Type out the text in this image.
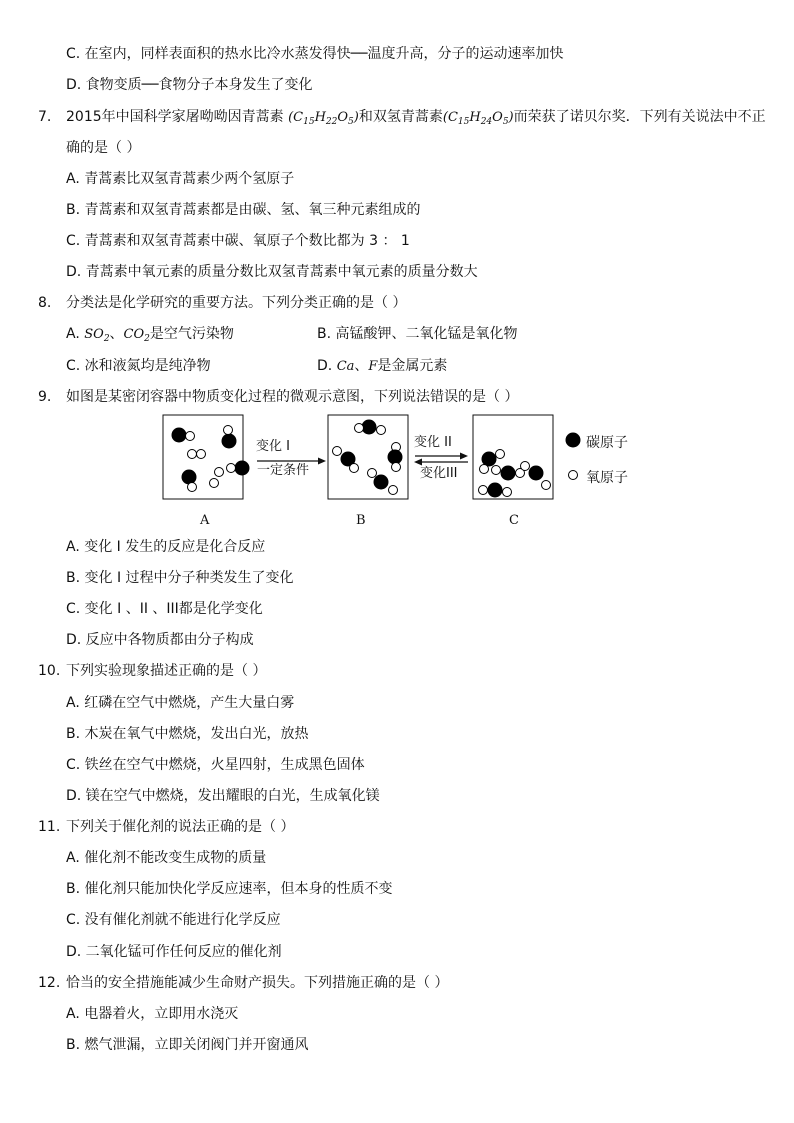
C. 在室内，同样表面积的热水比冷水蒸发得快──温度升高，分子的运动速率加快
D. 食物变质──食物分子本身发生了变化
7. 2015年中国科学家屠呦呦因青蒿素 $(C_{15}H_{22}O_5)$和双氢青蒿素$(C_{15}H_{24}O_5)$而荣获了诺贝尔奖．下列有关说法中不正
确的是（ ）
A. 青蒿素比双氢青蒿素少两个氢原子
B. 青蒿素和双氢青蒿素都是由碳、氢、氧三种元素组成的
C. 青蒿素和双氢青蒿素中碳、氧原子个数比都为 3 ： 1
D. 青蒿素中氧元素的质量分数比双氢青蒿素中氧元素的质量分数大
8. 分类法是化学研究的重要方法。下列分类正确的是（ ）
A. $SO_2$、$CO_2$是空气污染物	B. 高锰酸钾、二氧化锰是氧化物
C. 冰和液氮均是纯净物	D. Ca、F是金属元素
9. 如图是某密闭容器中物质变化过程的微观示意图，下列说法错误的是（ ）
变化 I
一定条件
变化 II
变化III
碳原子
氧原子
A	B	C
A. 变化 I 发生的反应是化合反应
B. 变化 I 过程中分子种类发生了变化
C. 变化 I 、II 、III都是化学变化
D. 反应中各物质都由分子构成
10. 下列实验现象描述正确的是（ ）
A. 红磷在空气中燃烧，产生大量白雾
B. 木炭在氧气中燃烧，发出白光，放热
C. 铁丝在空气中燃烧，火星四射，生成黑色固体
D. 镁在空气中燃烧，发出耀眼的白光，生成氧化镁
11. 下列关于催化剂的说法正确的是（ ）
A. 催化剂不能改变生成物的质量
B. 催化剂只能加快化学反应速率，但本身的性质不变
C. 没有催化剂就不能进行化学反应
D. 二氧化锰可作任何反应的催化剂
12. 恰当的安全措施能减少生命财产损失。下列措施正确的是（ ）
A. 电器着火，立即用水浇灭
B. 燃气泄漏，立即关闭阀门并开窗通风
